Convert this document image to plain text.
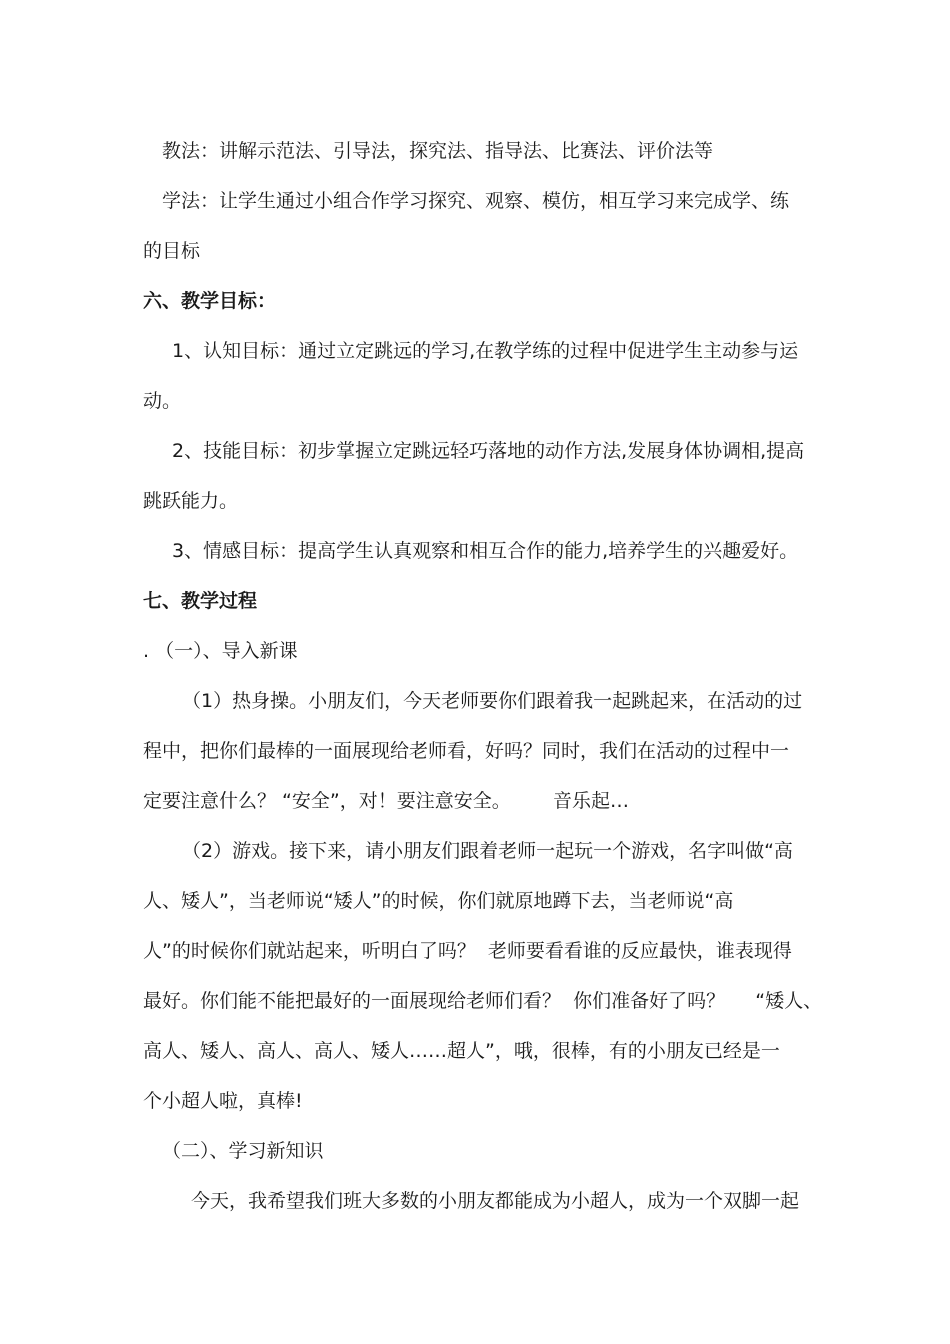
教法：讲解示范法、引导法，探究法、指导法、比赛法、评价法等
学法：让学生通过小组合作学习探究、观察、模仿，相互学习来完成学、练
的目标
六、教学目标：
1、认知目标：通过立定跳远的学习,在教学练的过程中促进学生主动参与运
动。
2、技能目标：初步掌握立定跳远轻巧落地的动作方法,发展身体协调相,提高
跳跃能力。
3、情感目标：提高学生认真观察和相互合作的能力,培养学生的兴趣爱好。
七、教学过程
. （一）、导入新课
（1）热身操。小朋友们，今天老师要你们跟着我一起跳起来，在活动的过
程中，把你们最棒的一面展现给老师看，好吗？同时，我们在活动的过程中一
定要注意什么？ “安全”，对！要注意安全。       音乐起…
（2）游戏。接下来，请小朋友们跟着老师一起玩一个游戏，名字叫做“高
人、矮人”，当老师说“矮人”的时候，你们就原地蹲下去，当老师说“高
人”的时候你们就站起来，听明白了吗？  老师要看看谁的反应最快，谁表现得
最好。你们能不能把最好的一面展现给老师们看？  你们准备好了吗？     “矮人、
高人、矮人、高人、高人、矮人……超人”，哦，很棒，有的小朋友已经是一
个小超人啦，真棒!
（二）、学习新知识
今天，我希望我们班大多数的小朋友都能成为小超人，成为一个双脚一起
